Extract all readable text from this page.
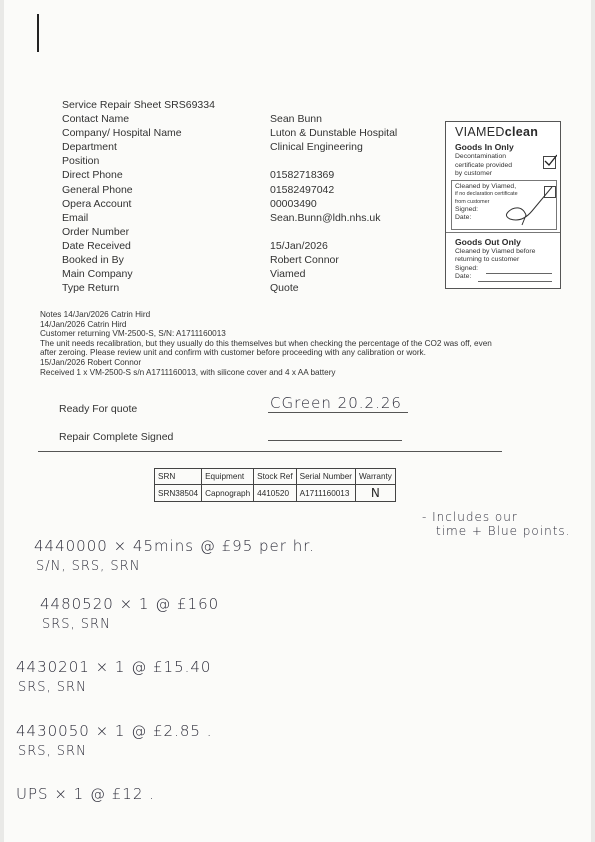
Service Repair Sheet SRS69334
Contact Name	Sean Bunn
Company/ Hospital Name	Luton & Dunstable Hospital
Department	Clinical Engineering
Position
Direct Phone	01582718369
General Phone	01582497042
Opera Account	00003490
Email	Sean.Bunn@ldh.nhs.uk
Order Number
Date Received	15/Jan/2026
Booked in By	Robert Connor
Main Company	Viamed
Type Return	Quote
VIAMEDclean
Goods In Only
Decontamination
certificate provided
by customer
Cleaned by Viamed,
if no declaration certificate
from customer
Signed:
Date:
Goods Out Only
Cleaned by Viamed before
returning to customer
Signed:
Date:
Notes 14/Jan/2026 Catrin Hird
14/Jan/2026 Catrin Hird
Customer returning VM-2500-S, S/N: A1711160013
The unit needs recalibration, but they usually do this themselves but when checking the percentage of the CO2 was off, even
after zeroing. Please review unit and confirm with customer before proceeding with any calibration or work.
15/Jan/2026 Robert Connor
Received 1 x VM-2500-S s/n A1711160013, with silicone cover and 4 x AA battery
Ready For quote	CGreen 20.2.26
Repair Complete Signed
SRN	Equipment	Stock Ref	Serial Number	Warranty
SRN38504	Capnograph	4410520	A1711160013	N
- Includes our
time + Blue points.
4440000 × 45mins @ £95 per hr.
S/N, SRS, SRN
4480520 × 1 @ £160
SRS, SRN
4430201 × 1 @ £15.40
SRS, SRN
4430050 × 1 @ £2.85 .
SRS, SRN
UPS × 1 @ £12 .
